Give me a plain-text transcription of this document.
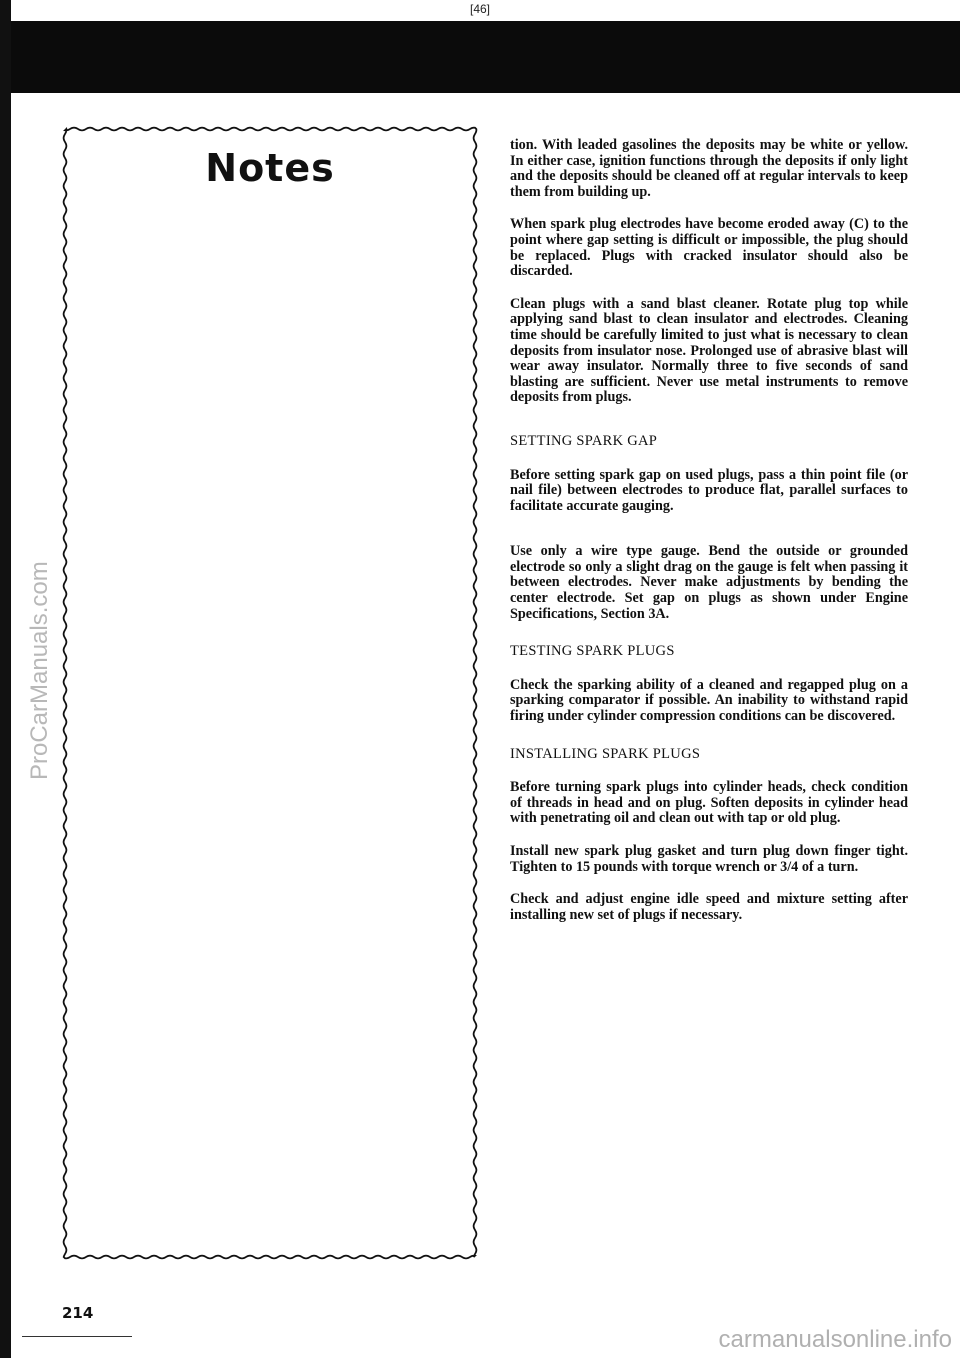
[46]
ProCarManuals.com
Notes

tion. With leaded gasolines the deposits may be white or yellow. In either case, ignition functions through the deposits if only light and the deposits should be cleaned off at regular intervals to keep them from building up.

When spark plug electrodes have become eroded away (C) to the point where gap setting is difficult or impossible, the plug should be replaced. Plugs with cracked insulator should also be discarded.

Clean plugs with a sand blast cleaner. Rotate plug top while applying sand blast to clean insulator and electrodes. Cleaning time should be carefully limited to just what is necessary to clean deposits from insulator nose. Prolonged use of abrasive blast will wear away insulator. Normally three to five seconds of sand blasting are sufficient. Never use metal instruments to remove deposits from plugs.

SETTING SPARK GAP

Before setting spark gap on used plugs, pass a thin point file (or nail file) between electrodes to produce flat, parallel surfaces to facilitate accurate gauging.

Use only a wire type gauge. Bend the outside or grounded electrode so only a slight drag on the gauge is felt when passing it between electrodes. Never make adjustments by bending the center electrode. Set gap on plugs as shown under Engine Specifications, Section 3A.

TESTING SPARK PLUGS

Check the sparking ability of a cleaned and regapped plug on a sparking comparator if possible. An inability to withstand rapid firing under cylinder compression conditions can be discovered.

INSTALLING SPARK PLUGS

Before turning spark plugs into cylinder heads, check condition of threads in head and on plug. Soften deposits in cylinder head with penetrating oil and clean out with tap or old plug.

Install new spark plug gasket and turn plug down finger tight. Tighten to 15 pounds with torque wrench or 3/4 of a turn.

Check and adjust engine idle speed and mixture setting after installing new set of plugs if necessary.

214
carmanualsonline.info
